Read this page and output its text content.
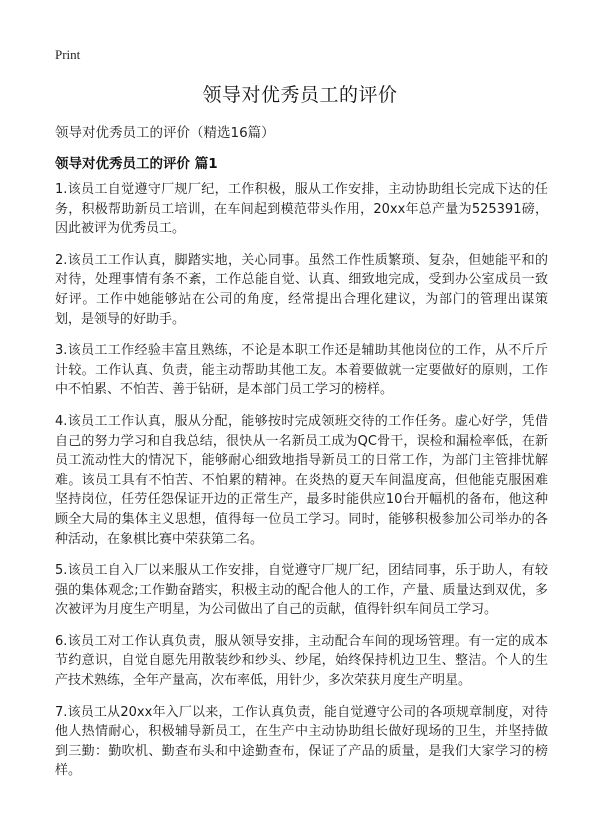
Print
领导对优秀员工的评价
领导对优秀员工的评价（精选16篇）
领导对优秀员工的评价 篇1

1.该员工自觉遵守厂规厂纪，工作积极，服从工作安排，主动协助组长完成下达的任务，积极帮助新员工培训，在车间起到模范带头作用，20xx年总产量为525391磅，因此被评为优秀员工。

2.该员工工作认真，脚踏实地，关心同事。虽然工作性质繁琐、复杂，但她能平和的对待，处理事情有条不紊，工作总能自觉、认真、细致地完成，受到办公室成员一致好评。工作中她能够站在公司的角度，经常提出合理化建议，为部门的管理出谋策划，是领导的好助手。

3.该员工工作经验丰富且熟练，不论是本职工作还是辅助其他岗位的工作，从不斤斤计较。工作认真、负责，能主动帮助其他工友。本着要做就一定要做好的原则，工作中不怕累、不怕苦、善于钻研，是本部门员工学习的榜样。

4.该员工工作认真，服从分配，能够按时完成领班交待的工作任务。虚心好学，凭借自己的努力学习和自我总结，很快从一名新员工成为QC骨干，误检和漏检率低，在新员工流动性大的情况下，能够耐心细致地指导新员工的日常工作，为部门主管排忧解难。该员工具有不怕苦、不怕累的精神。在炎热的夏天车间温度高，但他能克服困难坚持岗位，任劳任怨保证开边的正常生产，最多时能供应10台开幅机的备布，他这种顾全大局的集体主义思想，值得每一位员工学习。同时，能够积极参加公司举办的各种活动，在象棋比赛中荣获第二名。

5.该员工自入厂以来服从工作安排，自觉遵守厂规厂纪，团结同事，乐于助人，有较强的集体观念;工作勤奋踏实，积极主动的配合他人的工作，产量、质量达到双优，多次被评为月度生产明星，为公司做出了自己的贡献，值得针织车间员工学习。

6.该员工对工作认真负责，服从领导安排，主动配合车间的现场管理。有一定的成本节约意识，自觉自愿先用散装纱和纱头、纱尾，始终保持机边卫生、整洁。个人的生产技术熟练，全年产量高，次布率低，用针少，多次荣获月度生产明星。

7.该员工从20xx年入厂以来，工作认真负责，能自觉遵守公司的各项规章制度，对待他人热情耐心，积极辅导新员工，在生产中主动协助组长做好现场的卫生，并坚持做到三勤：勤吹机、勤查布头和中途勤查布，保证了产品的质量，是我们大家学习的榜样。
